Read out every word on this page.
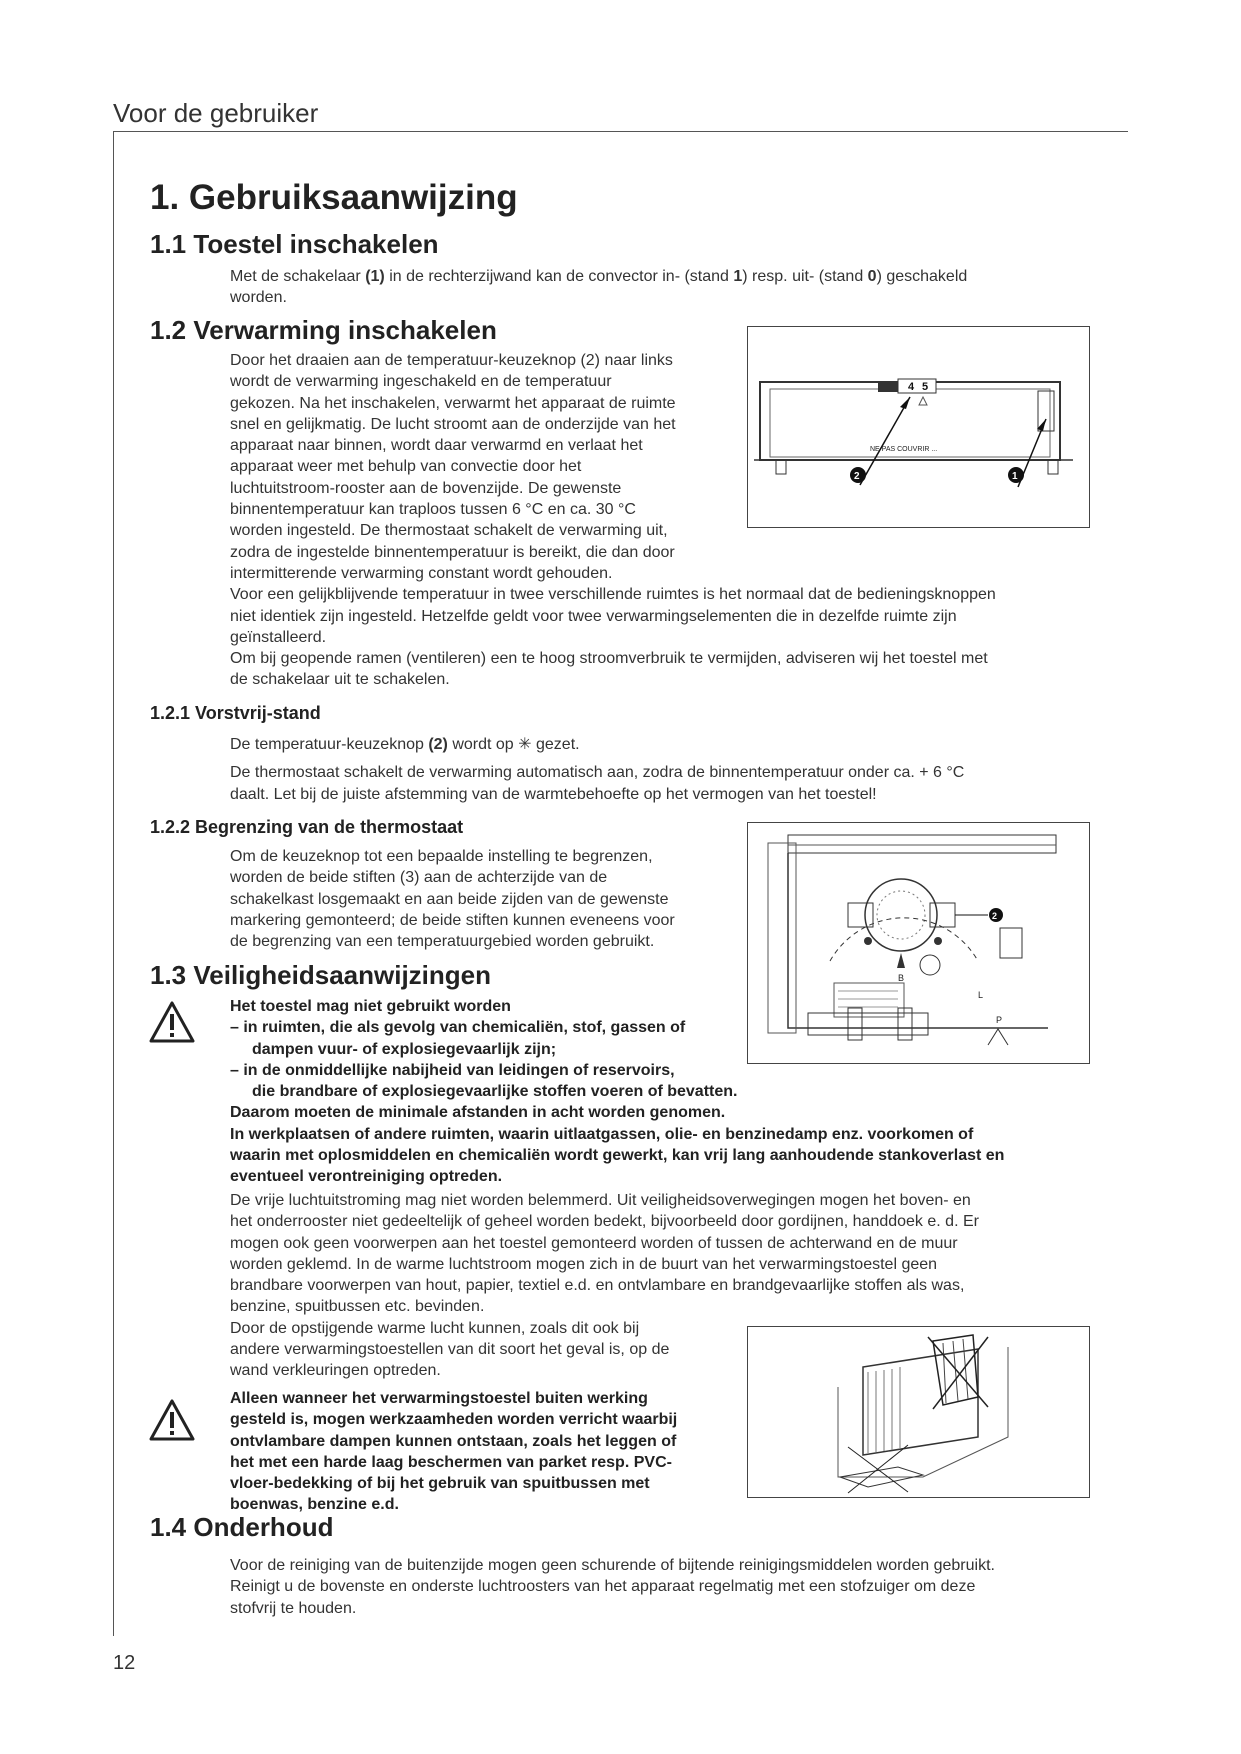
Voor de gebruiker
12
1. Gebruiksaanwijzing
1.1 Toestel inschakelen
Met de schakelaar (1) in de rechterzijwand kan de convector in- (stand 1) resp. uit- (stand 0) geschakeld
worden.
1.2 Verwarming inschakelen
Door het draaien aan de temperatuur-keuzeknop (2) naar links
wordt de verwarming ingeschakeld en de temperatuur
gekozen. Na het inschakelen, verwarmt het apparaat de ruimte
snel en gelijkmatig. De lucht stroomt aan de onderzijde van het
apparaat naar binnen, wordt daar verwarmd en verlaat het
apparaat weer met behulp van convectie door het
luchtuitstroom-rooster aan de bovenzijde. De gewenste
binnentemperatuur kan traploos tussen 6 °C en ca. 30 °C
worden ingesteld. De thermostaat schakelt de verwarming uit,
zodra de ingestelde binnentemperatuur is bereikt, die dan door
intermitterende verwarming constant wordt gehouden.
Voor een gelijkblijvende temperatuur in twee verschillende ruimtes is het normaal dat de bedieningsknoppen
niet identiek zijn ingesteld. Hetzelfde geldt voor twee verwarmingselementen die in dezelfde ruimte zijn
geïnstalleerd.
Om bij geopende ramen (ventileren) een te hoog stroomverbruik te vermijden, adviseren wij het toestel met
de schakelaar uit te schakelen.
4 5
NE PAS COUVRIR ...
2	1
1.2.1 Vorstvrij-stand
De temperatuur-keuzeknop (2) wordt op ✳ gezet.
De thermostaat schakelt de verwarming automatisch aan, zodra de binnentemperatuur onder ca. + 6 °C
daalt. Let bij de juiste afstemming van de warmtebehoefte op het vermogen van het toestel!
1.2.2 Begrenzing van de thermostaat
Om de keuzeknop tot een bepaalde instelling te begrenzen,
worden de beide stiften (3) aan de achterzijde van de
schakelkast losgemaakt en aan beide zijden van de gewenste
markering gemonteerd; de beide stiften kunnen eveneens voor
de begrenzing van een temperatuurgebied worden gebruikt.
2
B
L
P
1.3 Veiligheidsaanwijzingen
Het toestel mag niet gebruikt worden
– in ruimten, die als gevolg van chemicaliën, stof, gassen of
dampen vuur- of explosiegevaarlijk zijn;
– in de onmiddellijke nabijheid van leidingen of reservoirs,
die brandbare of explosiegevaarlijke stoffen voeren of bevatten.
Daarom moeten de minimale afstanden in acht worden genomen.
In werkplaatsen of andere ruimten, waarin uitlaatgassen, olie- en benzinedamp enz. voorkomen of
waarin met oplosmiddelen en chemicaliën wordt gewerkt, kan vrij lang aanhoudende stankoverlast en
eventueel verontreiniging optreden.
De vrije luchtuitstroming mag niet worden belemmerd. Uit veiligheidsoverwegingen mogen het boven- en
het onderrooster niet gedeeltelijk of geheel worden bedekt, bijvoorbeeld door gordijnen, handdoek e. d. Er
mogen ook geen voorwerpen aan het toestel gemonteerd worden of tussen de achterwand en de muur
worden geklemd. In de warme luchtstroom mogen zich in de buurt van het verwarmingstoestel geen
brandbare voorwerpen van hout, papier, textiel e.d. en ontvlambare en brandgevaarlijke stoffen als was,
benzine, spuitbussen etc. bevinden.
Door de opstijgende warme lucht kunnen, zoals dit ook bij
andere verwarmingstoestellen van dit soort het geval is, op de
wand verkleuringen optreden.
Alleen wanneer het verwarmingstoestel buiten werking
gesteld is, mogen werkzaamheden worden verricht waarbij
ontvlambare dampen kunnen ontstaan, zoals het leggen of
het met een harde laag beschermen van parket resp. PVC-
vloer-bedekking of bij het gebruik van spuitbussen met
boenwas, benzine e.d.
1.4 Onderhoud
Voor de reiniging van de buitenzijde mogen geen schurende of bijtende reinigingsmiddelen worden gebruikt.
Reinigt u de bovenste en onderste luchtroosters van het apparaat regelmatig met een stofzuiger om deze
stofvrij te houden.
